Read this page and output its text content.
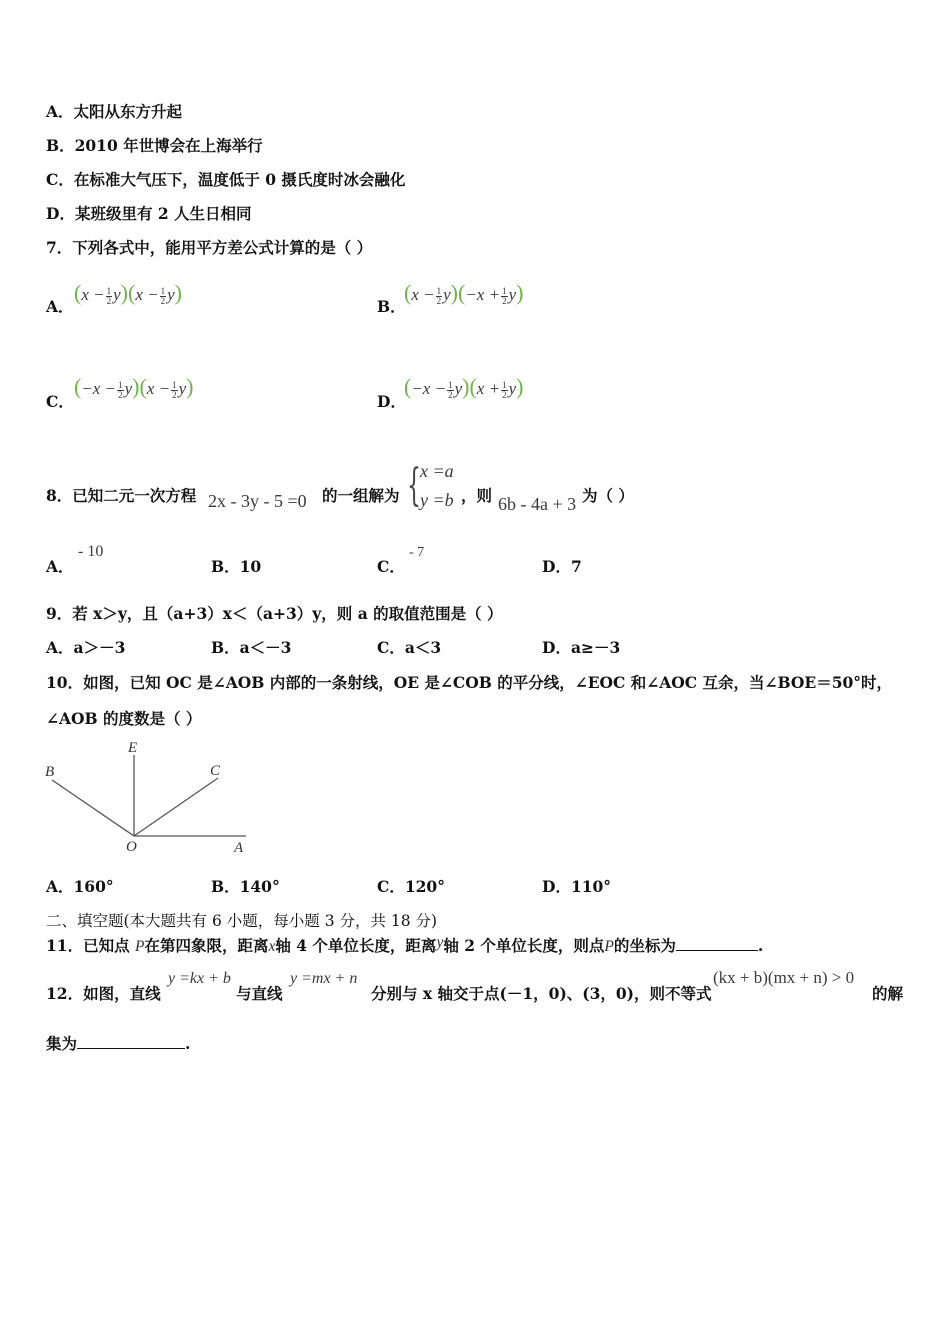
A．太阳从东方升起
B．2010 年世博会在上海举行
C．在标准大气压下，温度低于 0 摄氏度时冰会融化
D．某班级里有 2 人生日相同
7．下列各式中，能用平方差公式计算的是（ ）
A．
$(x - \frac{1}{2} y)(x - \frac{1}{2} y)$
B．
$(x - \frac{1}{2} y)(-x + \frac{1}{2} y)$
C．
$(-x - \frac{1}{2} y)(x - \frac{1}{2} y)$
D．
$(-x - \frac{1}{2} y)(x + \frac{1}{2} y)$
8．已知二元一次方程 2x - 3y - 5 =0 的一组解为 { x =a
y =b ，则 6b - 4a + 3 为（ ）
A．
- 10
B．10	C．
- 7
D．7
9．若 x＞y，且（a+3）x＜（a+3）y，则 a 的取值范围是（ ）
A．a＞－3	B．a＜－3	C．a＜3	D．a≥－3
10．如图，已知 OC 是∠AOB 内部的一条射线，OE 是∠COB 的平分线，∠EOC 和∠AOC 互余，当∠BOE＝50°时，
∠AOB 的度数是（ ）
B
E
C
O	A
A．160°	B．140°	C．120°	D．110°
二、填空题(本大题共有 6 小题，每小题 3 分，共 18 分)
11．已知点 P在第四象限，距离x轴 4 个单位长度，距离y轴 2 个单位长度，则点P的坐标为	.
12．如图，直线
y =kx + b
与直线
y =mx + n
分别与 x 轴交于点(－1，0)、(3，0)，则不等式
(kx + b)(mx + n) > 0
的解
集为	.
